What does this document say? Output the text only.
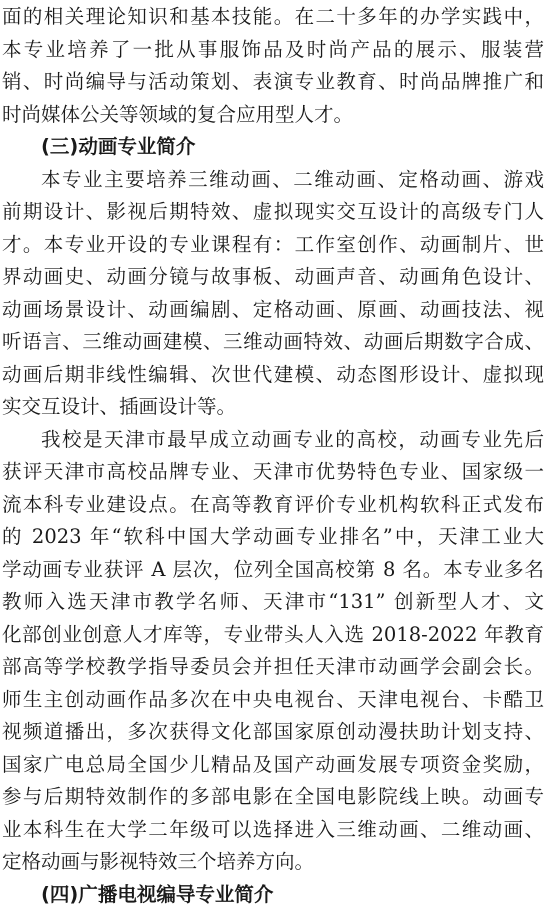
面的相关理论知识和基本技能。在二十多年的办学实践中，
本专业培养了一批从事服饰品及时尚产品的展示、服装营
销、时尚编导与活动策划、表演专业教育、时尚品牌推广和
时尚媒体公关等领域的复合应用型人才。
(三)动画专业简介
本专业主要培养三维动画、二维动画、定格动画、游戏
前期设计、影视后期特效、虚拟现实交互设计的高级专门人
才。本专业开设的专业课程有：工作室创作、动画制片、世
界动画史、动画分镜与故事板、动画声音、动画角色设计、
动画场景设计、动画编剧、定格动画、原画、动画技法、视
听语言、三维动画建模、三维动画特效、动画后期数字合成、
动画后期非线性编辑、次世代建模、动态图形设计、虚拟现
实交互设计、插画设计等。
我校是天津市最早成立动画专业的高校，动画专业先后
获评天津市高校品牌专业、天津市优势特色专业、国家级一
流本科专业建设点。在高等教育评价专业机构软科正式发布
的 2023 年“软科中国大学动画专业排名”中，天津工业大
学动画专业获评 A 层次，位列全国高校第 8 名。本专业多名
教师入选天津市教学名师、天津市“131” 创新型人才、文
化部创业创意人才库等，专业带头人入选 2018-2022 年教育
部高等学校教学指导委员会并担任天津市动画学会副会长。
师生主创动画作品多次在中央电视台、天津电视台、卡酷卫
视频道播出，多次获得文化部国家原创动漫扶助计划支持、
国家广电总局全国少儿精品及国产动画发展专项资金奖励，
参与后期特效制作的多部电影在全国电影院线上映。动画专
业本科生在大学二年级可以选择进入三维动画、二维动画、
定格动画与影视特效三个培养方向。
(四)广播电视编导专业简介
